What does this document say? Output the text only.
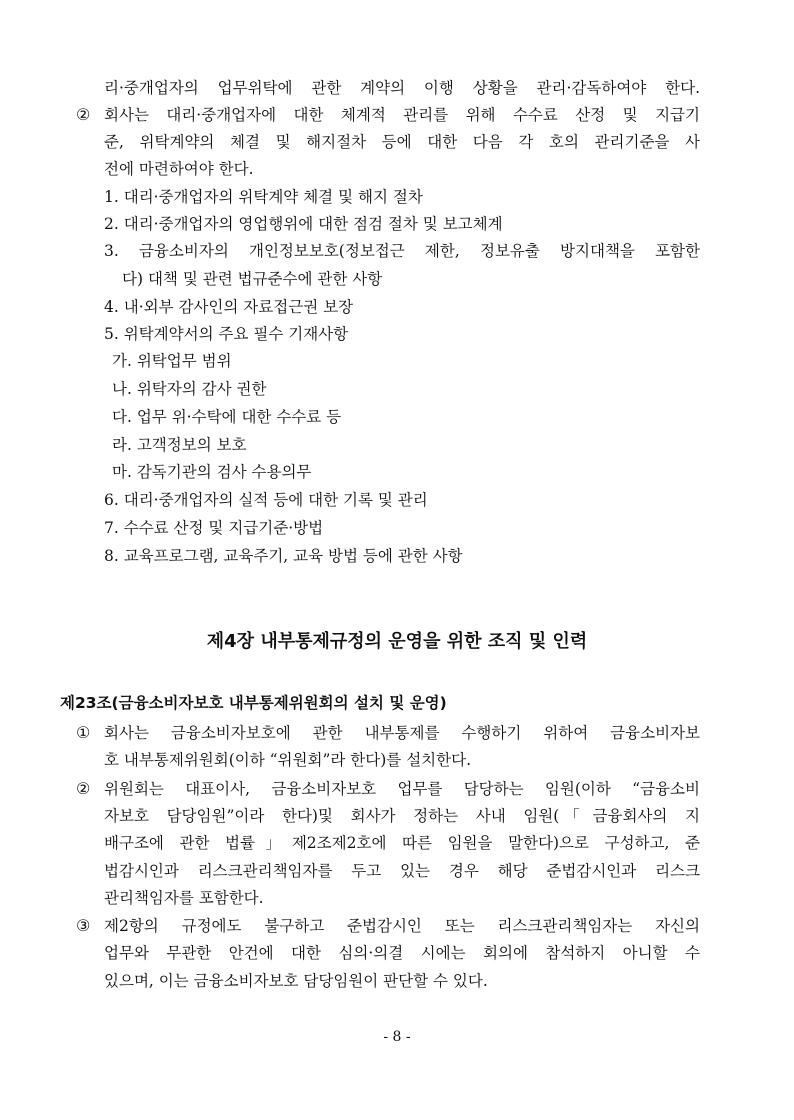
리·중개업자의 업무위탁에 관한 계약의 이행 상황을 관리·감독하여야 한다.
② 회사는 대리·중개업자에 대한 체계적 관리를 위해 수수료 산정 및 지급기
준, 위탁계약의 체결 및 해지절차 등에 대한 다음 각 호의 관리기준을 사
전에 마련하여야 한다.
1. 대리·중개업자의 위탁계약 체결 및 해지 절차
2. 대리·중개업자의 영업행위에 대한 점검 절차 및 보고체계
3. 금융소비자의 개인정보보호(정보접근 제한, 정보유출 방지대책을 포함한
다) 대책 및 관련 법규준수에 관한 사항
4. 내·외부 감사인의 자료접근권 보장
5. 위탁계약서의 주요 필수 기재사항
가. 위탁업무 범위
나. 위탁자의 감사 권한
다. 업무 위·수탁에 대한 수수료 등
라. 고객정보의 보호
마. 감독기관의 검사 수용의무
6. 대리·중개업자의 실적 등에 대한 기록 및 관리
7. 수수료 산정 및 지급기준·방법
8. 교육프로그램, 교육주기, 교육 방법 등에 관한 사항
제4장 내부통제규정의 운영을 위한 조직 및 인력
제23조(금융소비자보호 내부통제위원회의 설치 및 운영)
① 회사는 금융소비자보호에 관한 내부통제를 수행하기 위하여 금융소비자보
호 내부통제위원회(이하 “위원회”라 한다)를 설치한다.
② 위원회는 대표이사, 금융소비자보호 업무를 담당하는 임원(이하 “금융소비
자보호 담당임원”이라 한다)및 회사가 정하는 사내 임원(「금융회사의 지
배구조에 관한 법률」제2조제2호에 따른 임원을 말한다)으로 구성하고, 준
법감시인과 리스크관리책임자를 두고 있는 경우 해당 준법감시인과 리스크
관리책임자를 포함한다.
③ 제2항의 규정에도 불구하고 준법감시인 또는 리스크관리책임자는 자신의
업무와 무관한 안건에 대한 심의·의결 시에는 회의에 참석하지 아니할 수
있으며, 이는 금융소비자보호 담당임원이 판단할 수 있다.
- 8 -
